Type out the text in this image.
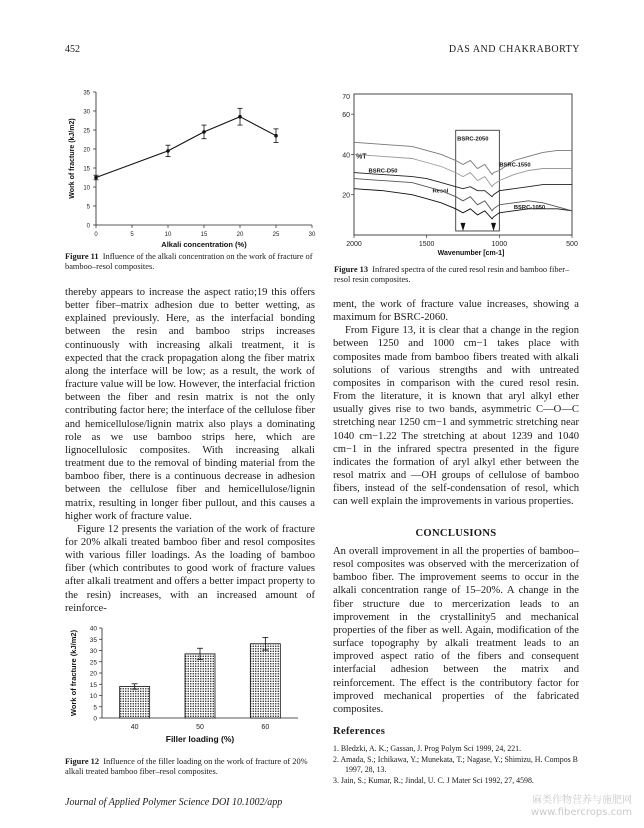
452	DAS AND CHAKRABORTY
0
5
10
15
20
25
30
35
0	5	10	15	20	25	30
Alkali concentration (%)
Work of fracture (kJ/m2)
Figure 11 Influence of the alkali concentration on the work of fracture of bamboo–resol composites.
20
40
60
70
2000	1500	1000	500
Wavenumber [cm-1]
%T
BSRC-2050
BSRC-1550
BSRC-D50
Resol
BSRC-1050
Figure 13 Infrared spectra of the cured resol resin and bamboo fiber–resol resin composites.

thereby appears to increase the aspect ratio;19 this offers better fiber–matrix adhesion due to better wetting, as explained previously. Here, as the interfacial bonding between the resin and bamboo strips increases continuously with increasing alkali treatment, it is expected that the crack propagation along the fiber matrix along the interface will be low; as a result, the work of fracture value will be low. However, the interfacial friction between the fiber and resin matrix is not the only contributing factor here; the interface of the cellulose fiber and hemicellulose/lignin matrix also plays a dominating role as we use bamboo strips here, which are lignocellulosic composites. With increasing alkali treatment due to the removal of binding material from the bamboo fiber, there is a continuous decrease in adhesion between the cellulose fiber and hemicellulose/lignin matrix, resulting in longer fiber pullout, and this causes a higher work of fracture value.

Figure 12 presents the variation of the work of fracture for 20% alkali treated bamboo fiber and resol composites with various filler loadings. As the loading of bamboo fiber (which contributes to good work of fracture values after alkali treatment and offers a better impact property to the resin) increases, with an increased amount of reinforce-

0
5
10
15
20
25
30
35
40
40	50	60
Filler loading (%)
Work of fracture (kJ/m2)
Figure 12 Influence of the filler loading on the work of fracture of 20% alkali treated bamboo fiber–resol composites.

ment, the work of fracture value increases, showing a maximum for BSRC-2060.

From Figure 13, it is clear that a change in the region between 1250 and 1000 cm−1 takes place with composites made from bamboo fibers treated with alkali solutions of various strengths and with untreated composites in comparison with the cured resol resin. From the literature, it is known that aryl alkyl ether usually gives rise to two bands, asymmetric C—O—C stretching near 1250 cm−1 and symmetric stretching near 1040 cm−1.22 The stretching at about 1239 and 1040 cm−1 in the infrared spectra presented in the figure indicates the formation of aryl alkyl ether between the resol matrix and —OH groups of cellulose of bamboo fibers, instead of the self-condensation of resol, which can well explain the improvements in various properties.

CONCLUSIONS

An overall improvement in all the properties of bamboo–resol composites was observed with the mercerization of bamboo fiber. The improvement seems to occur in the alkali concentration range of 15–20%. A change in the fiber structure due to mercerization leads to an improvement in the crystallinity5 and mechanical properties of the fiber as well. Again, modification of the surface topography by alkali treatment leads to an improved aspect ratio of the fibers and consequent interfacial adhesion between the matrix and reinforcement. The effect is the contributory factor for improved mechanical properties of the fabricated composites.

References
1. Bledzki, A. K.; Gassan, J. Prog Polym Sci 1999, 24, 221.
2. Amada, S.; Ichikawa, Y.; Munekata, T.; Nagase, Y.; Shimizu, H. Compos B 1997, 28, 13.
3. Jain, S.; Kumar, R.; Jindal, U. C. J Mater Sci 1992, 27, 4598.
Journal of Applied Polymer Science DOI 10.1002/app	麻类作物营养与施肥网
www.fibercrops.com
